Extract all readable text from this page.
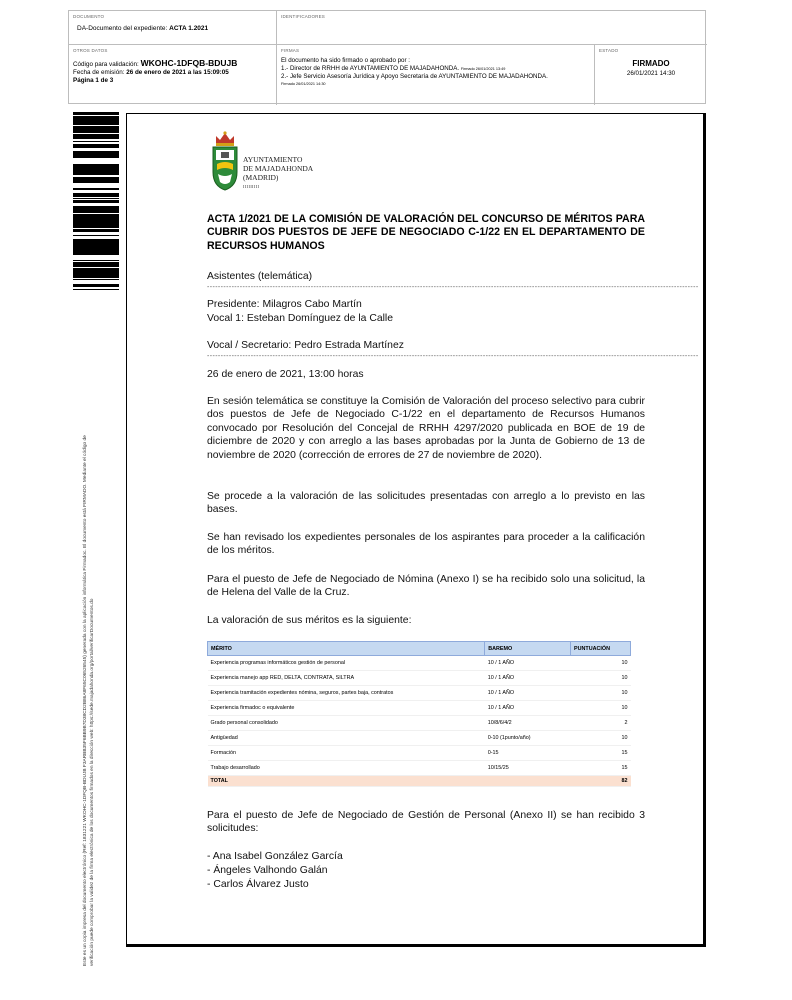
DOCUMENTO
DA-Documento del expediente: ACTA 1.2021
IDENTIFICADORES
OTROS DATOS
Código para validación: WKOHC-1DFQB-BDUJB
Fecha de emisión: 26 de enero de 2021 a las 15:09:05
Página 1 de 3
FIRMAS
El documento ha sido firmado o aprobado por :
1.- Director de RRHH de AYUNTAMIENTO DE MAJADAHONDA. Firmado 26/01/2021 13:49
2.- Jefe Servicio Asesoría Jurídica y Apoyo Secretaría de AYUNTAMIENTO DE MAJADAHONDA.
Firmado 26/01/2021 14:30
ESTADO
FIRMADO
26/01/2021 14:30
Este es un copia impresa del documento electrónico (Ref: 1831221 WKOHC-1DFQB-BDUJB F3ARBB35F6BB9B7D38CD2B86A8F65C06526545) generada con la aplicación informática Firmadoc. El documento está FIRMADO. Mediante el código de verificación puede comprobar la validez de la firma electrónica de los documentos firmados en la dirección web: https://sede.majadahonda.org/portal/verificarDocumentos.do
AYUNTAMIENTO
DE MAJADAHONDA
(MADRID)
IIIIIIIII
ACTA 1/2021 DE LA COMISIÓN DE VALORACIÓN DEL CONCURSO DE MÉRITOS PARA CUBRIR DOS PUESTOS DE JEFE DE NEGOCIADO C-1/22 EN EL DEPARTAMENTO DE RECURSOS HUMANOS
Asistentes (telemática)
------------------------------------------------------------------------------------------------------------------------------------------------------------------------------------
Presidente: Milagros Cabo Martín
Vocal 1: Esteban Domínguez de la Calle
Vocal / Secretario: Pedro Estrada Martínez
------------------------------------------------------------------------------------------------------------------------------------------------------------------------------------
26 de enero de 2021, 13:00 horas
En sesión telemática se constituye la Comisión de Valoración del proceso selectivo para cubrir dos puestos de Jefe de Negociado C-1/22 en el departamento de Recursos Humanos convocado por Resolución del Concejal de RRHH 4297/2020 publicada en BOE de 19 de diciembre de 2020 y con arreglo a las bases aprobadas por la Junta de Gobierno de 13 de noviembre de 2020 (corrección de errores de 27 de noviembre de 2020).
Se procede a la valoración de las solicitudes presentadas con arreglo a lo previsto en las bases.
Se han revisado los expedientes personales de los aspirantes para proceder a la calificación de los méritos.
Para el puesto de Jefe de Negociado de Nómina (Anexo I) se ha recibido solo una solicitud, la de Helena del Valle de la Cruz.
La valoración de sus méritos es la siguiente:
MÉRITO	BAREMO	PUNTUACIÓN
Experiencia programas informáticos gestión de personal	10 / 1 AÑO	10
Experiencia manejo app RED, DELTA, CONTRATA, SILTRA	10 / 1 AÑO	10
Experiencia tramitación expedientes nómina, seguros, partes baja, contratos	10 / 1 AÑO	10
Experiencia firmadoc o equivalente	10 / 1 AÑO	10
Grado personal consolidado	10/8/6/4/2	2
Antigüedad	0-10 (1punto/año)	10
Formación	0-15	15
Trabajo desarrollado	10/15/25	15
TOTAL		82
Para el puesto de Jefe de Negociado de Gestión de Personal (Anexo II) se han recibido 3 solicitudes:
- Ana Isabel González García
- Ángeles Valhondo Galán
- Carlos Álvarez Justo
